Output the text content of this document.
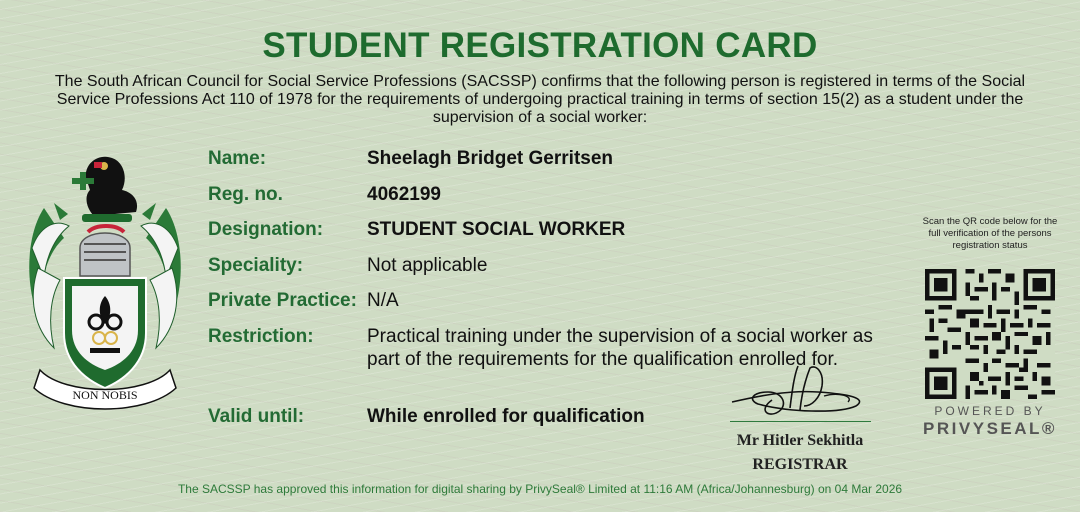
STUDENT REGISTRATION CARD
The South African Council for Social Service Professions (SACSSP) confirms that the following person is registered in terms of the Social Service Professions Act 110 of 1978 for the requirements of undergoing practical training in terms of section 15(2) as a student under the supervision of a social worker:
NON NOBIS
Name:	Sheelagh Bridget Gerritsen
Reg. no.	4062199
Designation: STUDENT SOCIAL WORKER
Speciality:	Not applicable
Private Practice: N/A
Restriction:	Practical training under the supervision of a social worker as part of the requirements for the qualification enrolled for.
Valid until:	While enrolled for qualification
Mr Hitler Sekhitla
REGISTRAR
Scan the QR code below for the full verification of the persons registration status
POWERED BY
PRIVYSEAL®
The SACSSP has approved this information for digital sharing by PrivySeal® Limited at 11:16 AM (Africa/Johannesburg) on 04 Mar 2026
